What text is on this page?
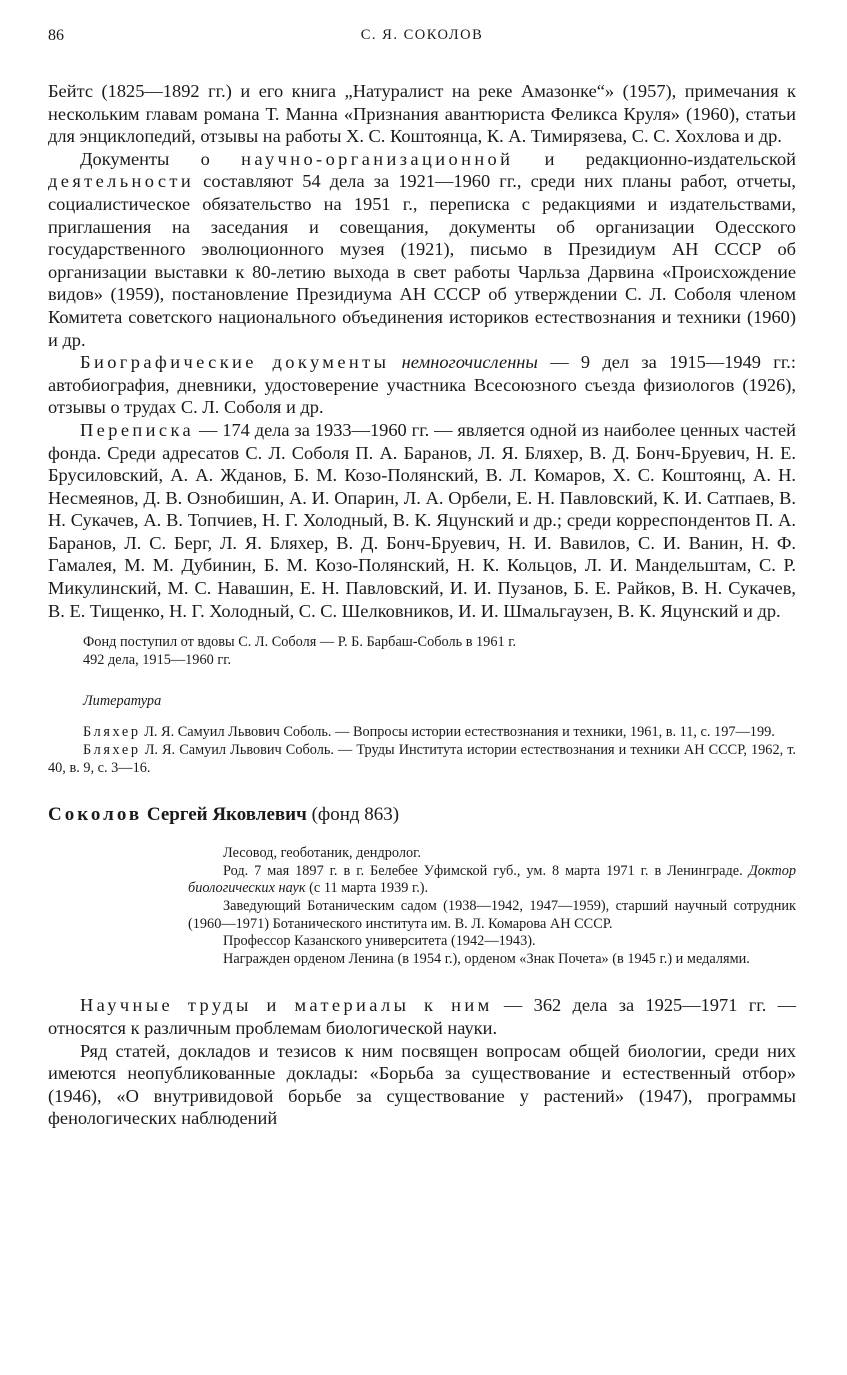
86	С. Я. СОКОЛОВ

Бейтс (1825—1892 гг.) и его книга „Натуралист на реке Амазонке“» (1957), примечания к нескольким главам романа Т. Манна «Признания авантюриста Феликса Круля» (1960), статьи для энциклопедий, отзывы на работы Х. С. Коштоянца, К. А. Тимирязева, С. С. Хохлова и др.

Документы о научно-организационной и редакционно-издательской деятельности составляют 54 дела за 1921—1960 гг., среди них планы работ, отчеты, социалистическое обязательство на 1951 г., переписка с редакциями и издательствами, приглашения на заседания и совещания, документы об организации Одесского государственного эволюционного музея (1921), письмо в Президиум АН СССР об организации выставки к 80-летию выхода в свет работы Чарльза Дарвина «Происхождение видов» (1959), постановление Президиума АН СССР об утверждении С. Л. Соболя членом Комитета советского национального объединения историков естествознания и техники (1960) и др.

Биографические документы немногочисленны — 9 дел за 1915—1949 гг.: автобиография, дневники, удостоверение участника Всесоюзного съезда физиологов (1926), отзывы о трудах С. Л. Соболя и др.

Переписка — 174 дела за 1933—1960 гг. — является одной из наиболее ценных частей фонда. Среди адресатов С. Л. Соболя П. А. Баранов, Л. Я. Бляхер, В. Д. Бонч-Бруевич, Н. Е. Брусиловский, А. А. Жданов, Б. М. Козо-Полянский, В. Л. Комаров, Х. С. Коштоянц, А. Н. Несмеянов, Д. В. Ознобишин, А. И. Опарин, Л. А. Орбели, Е. Н. Павловский, К. И. Сатпаев, В. Н. Сукачев, А. В. Топчиев, Н. Г. Холодный, В. К. Яцунский и др.; среди корреспондентов П. А. Баранов, Л. С. Берг, Л. Я. Бляхер, В. Д. Бонч-Бруевич, Н. И. Вавилов, С. И. Ванин, Н. Ф. Гамалея, М. М. Дубинин, Б. М. Козо-Полянский, Н. К. Кольцов, Л. И. Мандельштам, С. Р. Микулинский, М. С. Навашин, Е. Н. Павловский, И. И. Пузанов, Б. Е. Райков, В. Н. Сукачев, В. Е. Тищенко, Н. Г. Холодный, С. С. Шелковников, И. И. Шмальгаузен, В. К. Яцунский и др.

Фонд поступил от вдовы С. Л. Соболя — Р. Б. Барбаш-Соболь в 1961 г.

492 дела, 1915—1960 гг.

Литература

Бляхер Л. Я. Самуил Львович Соболь. — Вопросы истории естествознания и техники, 1961, в. 11, с. 197—199.

Бляхер Л. Я. Самуил Львович Соболь. — Труды Института истории естествознания и техники АН СССР, 1962, т. 40, в. 9, с. 3—16.

Соколов Сергей Яковлевич (фонд 863)

Лесовод, геоботаник, дендролог.

Род. 7 мая 1897 г. в г. Белебее Уфимской губ., ум. 8 марта 1971 г. в Ленинграде. Доктор биологических наук (с 11 марта 1939 г.).

Заведующий Ботаническим садом (1938—1942, 1947—1959), старший научный сотрудник (1960—1971) Ботанического института им. В. Л. Комарова АН СССР.

Профессор Казанского университета (1942—1943).

Награжден орденом Ленина (в 1954 г.), орденом «Знак Почета» (в 1945 г.) и медалями.

Научные труды и материалы к ним — 362 дела за 1925—1971 гг. — относятся к различным проблемам биологической науки.

Ряд статей, докладов и тезисов к ним посвящен вопросам общей биологии, среди них имеются неопубликованные доклады: «Борьба за существование и естественный отбор» (1946), «О внутривидовой борьбе за существование у растений» (1947), программы фенологических наблюдений
